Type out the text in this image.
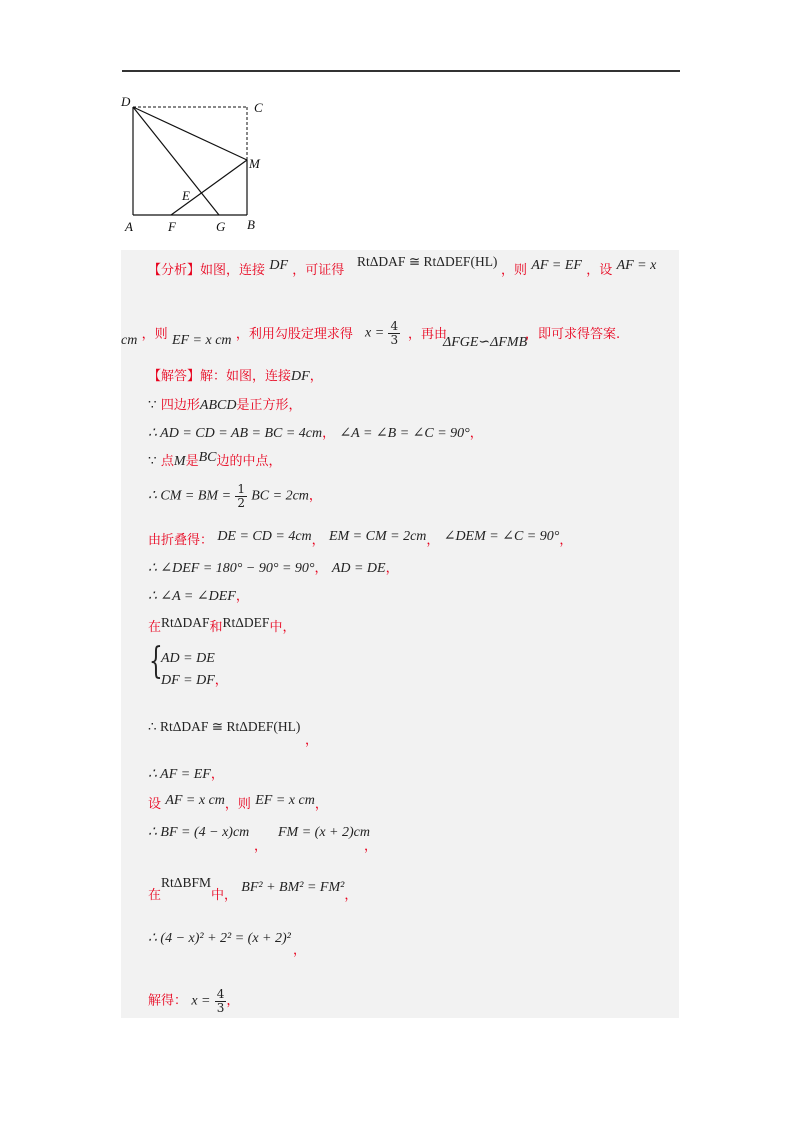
D	C
M
E
A	F	G B
【分析】如图，连接 DF ，可证得
RtΔDAF ≅ RtΔDEF(HL)
，则 AF = EF ，设 AF = x
cm ，则 EF = x cm ，利用勾股定理求得 $x = \frac{4}{3}$ ，再由
ΔFGE∽ΔFMB
，即可求得答案.
【解答】解：如图，连接DF，
∵ 四边形ABCD是正方形，
∴ AD = CD = AB = BC = 4cm， ∠A = ∠B = ∠C = 90°，
∵ 点M是BC边的中点，
∴ CM = BM = $\frac{1}{2}$ BC = 2cm，
由折叠得： DE = CD = 4cm， EM = CM = 2cm， ∠DEM = ∠C = 90°，
∴ ∠DEF = 180° − 90° = 90°， AD = DE，
∴ ∠A = ∠DEF，
在RtΔDAF和RtΔDEF中，
{
AD = DE
DF = DF，
∴ RtΔDAF ≅ RtΔDEF(HL)
，
∴ AF = EF，
设 AF = x cm，则 EF = x cm，
∴ BF = (4 − x)cm
，
FM = (x + 2)cm
，
在RtΔBFM中， BF² + BM² = FM²，
∴ (4 − x)² + 2² = (x + 2)²
，
解得： $x = \frac{4}{3}$ ，
